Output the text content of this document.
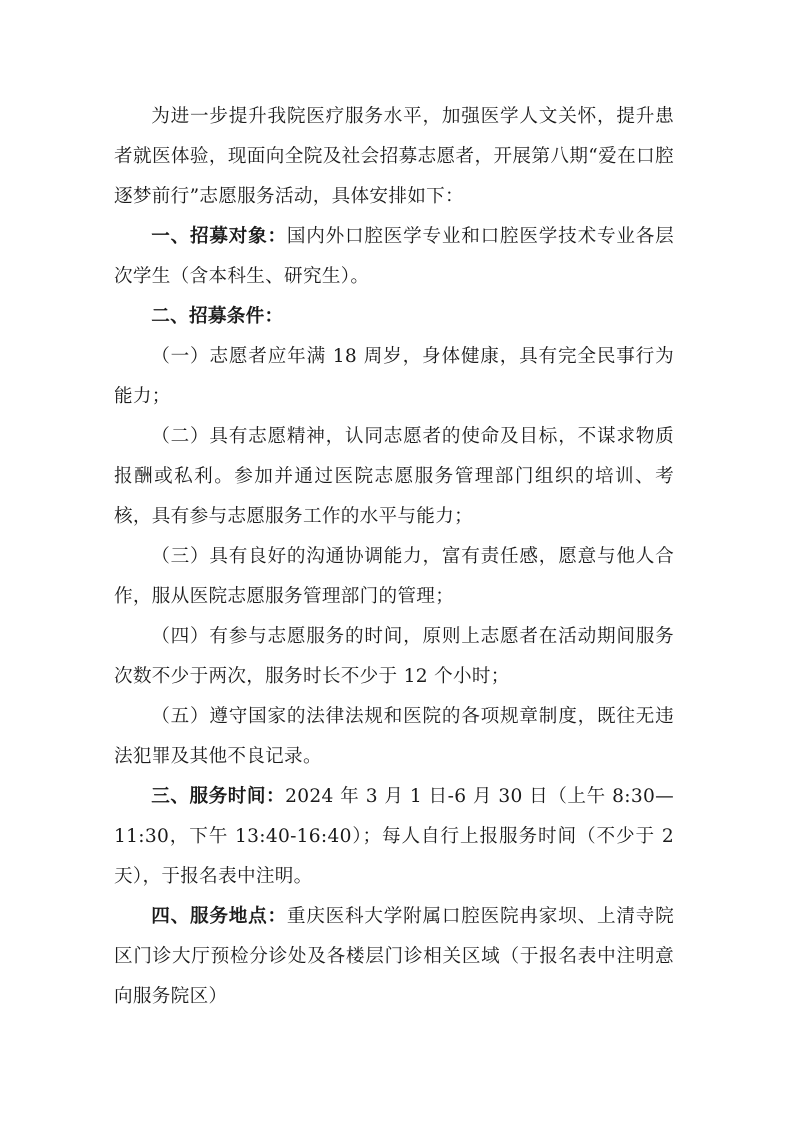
为进一步提升我院医疗服务水平，加强医学人文关怀，提升患者就医体验，现面向全院及社会招募志愿者，开展第八期“爱在口腔 逐梦前行”志愿服务活动，具体安排如下：

一、招募对象：国内外口腔医学专业和口腔医学技术专业各层次学生（含本科生、研究生）。

二、招募条件：

（一）志愿者应年满 18 周岁，身体健康，具有完全民事行为能力；

（二）具有志愿精神，认同志愿者的使命及目标，不谋求物质报酬或私利。参加并通过医院志愿服务管理部门组织的培训、考核，具有参与志愿服务工作的水平与能力；

（三）具有良好的沟通协调能力，富有责任感，愿意与他人合作，服从医院志愿服务管理部门的管理；

（四）有参与志愿服务的时间，原则上志愿者在活动期间服务次数不少于两次，服务时长不少于 12 个小时；

（五）遵守国家的法律法规和医院的各项规章制度，既往无违法犯罪及其他不良记录。

三、服务时间：2024 年 3 月 1 日-6 月 30 日（上午 8:30—11:30，下午 13:40-16:40）；每人自行上报服务时间（不少于 2 天），于报名表中注明。

四、服务地点：重庆医科大学附属口腔医院冉家坝、上清寺院区门诊大厅预检分诊处及各楼层门诊相关区域（于报名表中注明意向服务院区）
